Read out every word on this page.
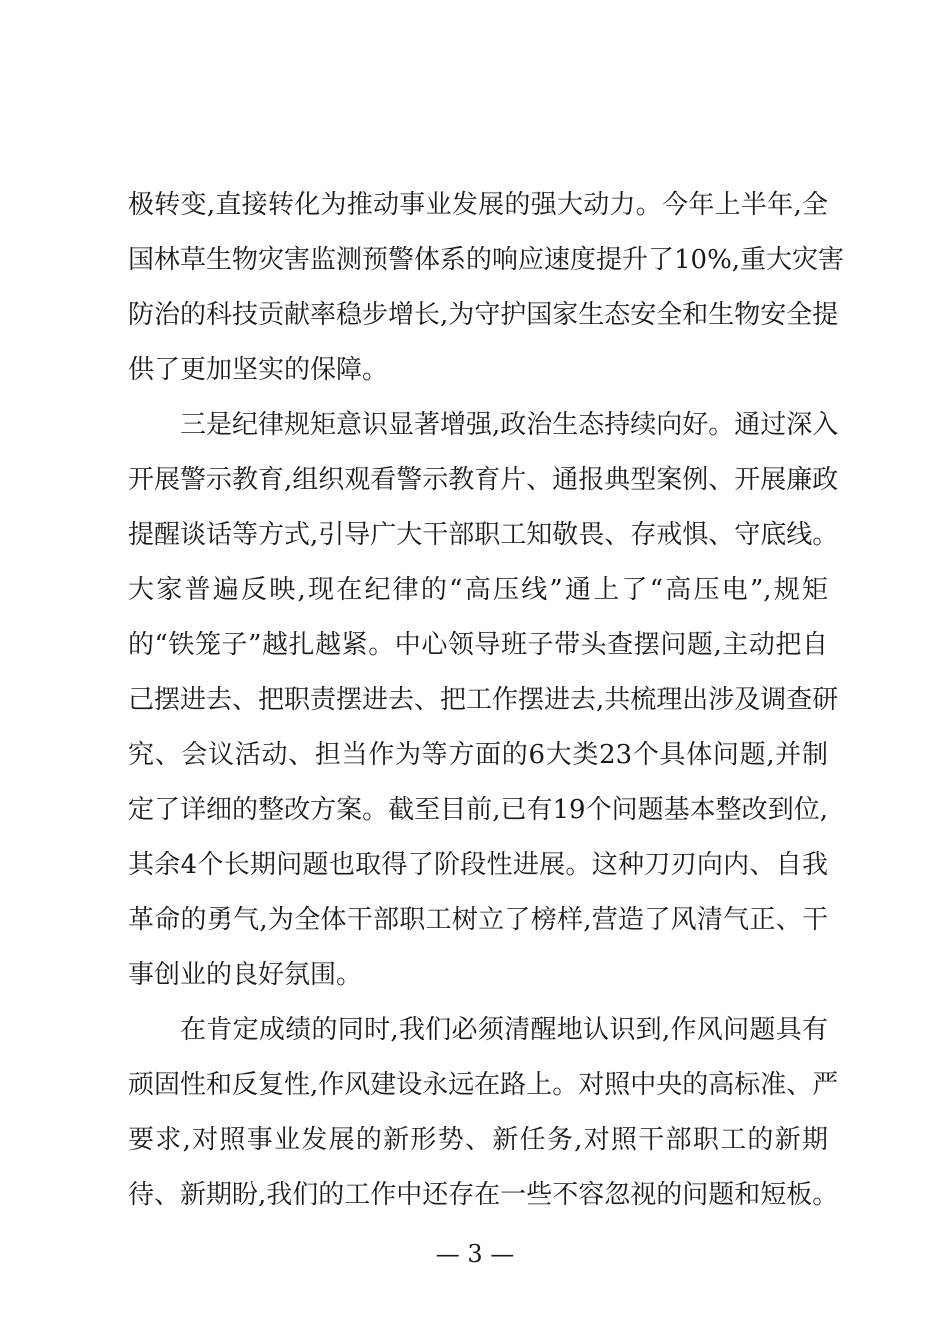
极转变,直接转化为推动事业发展的强大动力。今年上半年,全
国林草生物灾害监测预警体系的响应速度提升了10%,重大灾害
防治的科技贡献率稳步增长,为守护国家生态安全和生物安全提
供了更加坚实的保障。
三是纪律规矩意识显著增强,政治生态持续向好。通过深入
开展警示教育,组织观看警示教育片、通报典型案例、开展廉政
提醒谈话等方式,引导广大干部职工知敬畏、存戒惧、守底线。
大家普遍反映,现在纪律的“高压线”通上了“高压电”,规矩
的“铁笼子”越扎越紧。中心领导班子带头查摆问题,主动把自
己摆进去、把职责摆进去、把工作摆进去,共梳理出涉及调查研
究、会议活动、担当作为等方面的6大类23个具体问题,并制
定了详细的整改方案。截至目前,已有19个问题基本整改到位,
其余4个长期问题也取得了阶段性进展。这种刀刃向内、自我
革命的勇气,为全体干部职工树立了榜样,营造了风清气正、干
事创业的良好氛围。
在肯定成绩的同时,我们必须清醒地认识到,作风问题具有
顽固性和反复性,作风建设永远在路上。对照中央的高标准、严
要求,对照事业发展的新形势、新任务,对照干部职工的新期
待、新期盼,我们的工作中还存在一些不容忽视的问题和短板。
— 3 —
